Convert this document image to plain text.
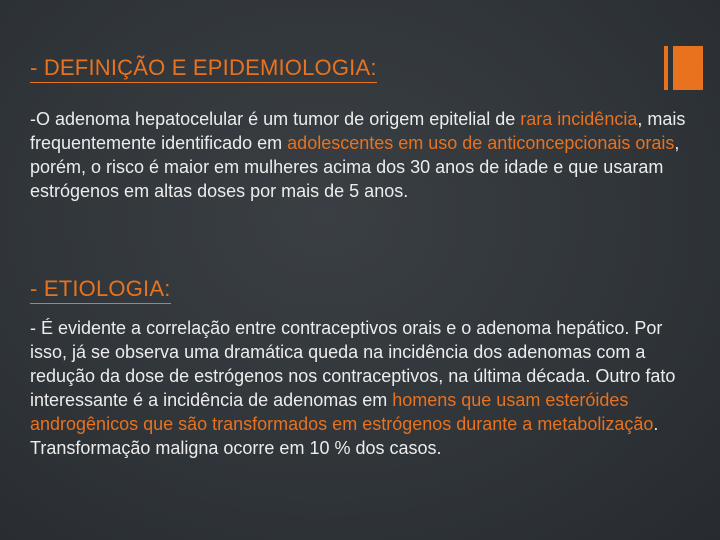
- DEFINIÇÃO E EPIDEMIOLOGIA:
-O adenoma hepatocelular é um tumor de origem epitelial de rara incidência, mais frequentemente identificado em adolescentes em uso de anticoncepcionais orais, porém, o risco é maior em mulheres acima dos 30 anos de idade e que usaram estrógenos em altas doses por mais de 5 anos.
- ETIOLOGIA:
- É evidente a correlação entre contraceptivos orais e o adenoma hepático. Por isso, já se observa uma dramática queda na incidência dos adenomas com a redução da dose de estrógenos nos contraceptivos, na última década. Outro fato interessante é a incidência de adenomas em homens que usam esteróides androgênicos que são transformados em estrógenos durante a metabolização. Transformação maligna ocorre em 10 % dos casos.
